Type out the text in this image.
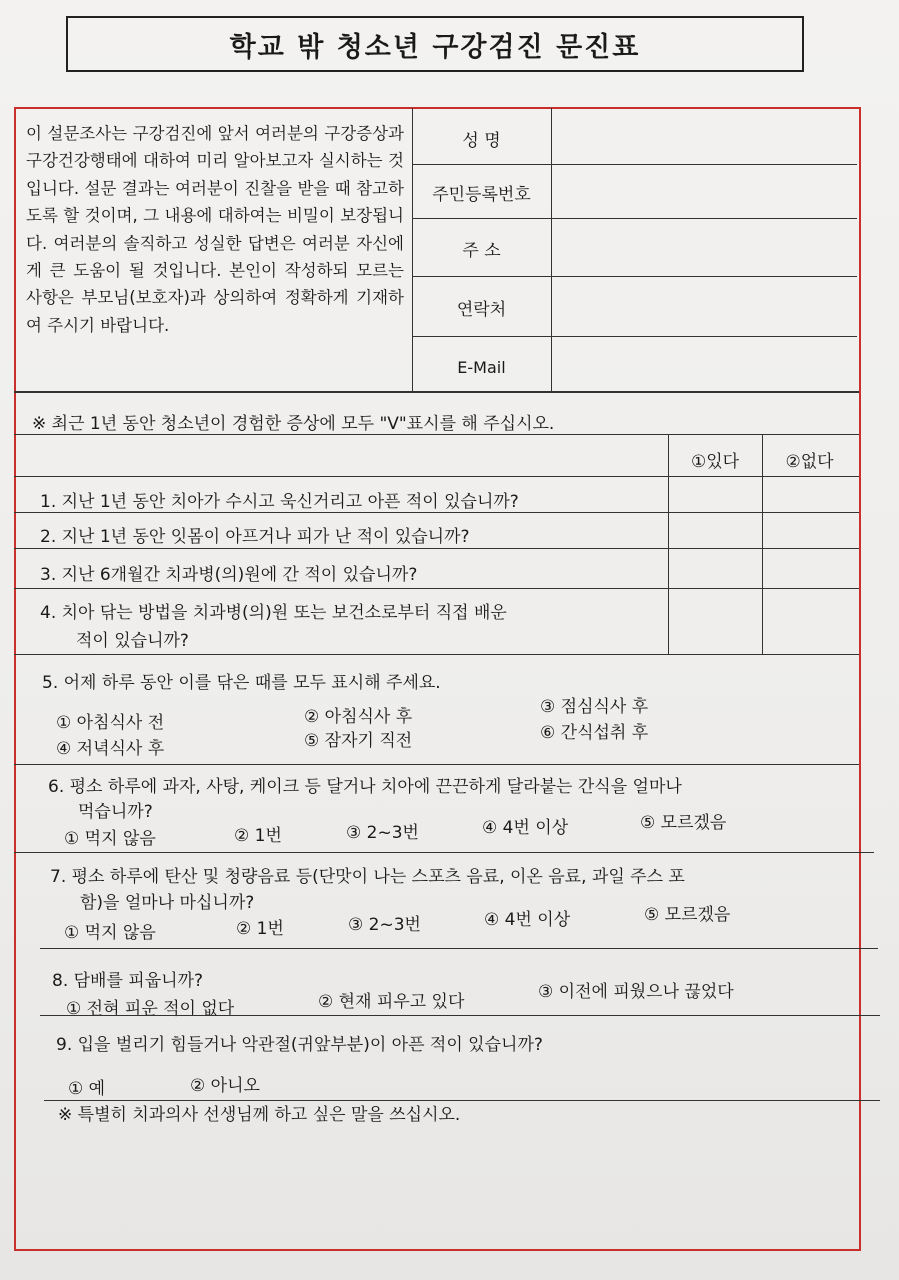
학교 밖 청소년 구강검진 문진표
이 설문조사는 구강검진에 앞서 여러분의 구강증상과 구강건강행태에 대하여 미리 알아보고자 실시하는 것입니다. 설문 결과는 여러분이 진찰을 받을 때 참고하도록 할 것이며, 그 내용에 대하여는 비밀이 보장됩니다. 여러분의 솔직하고 성실한 답변은 여러분 자신에게 큰 도움이 될 것입니다. 본인이 작성하되 모르는 사항은 부모님(보호자)과 상의하여 정확하게 기재하여 주시기 바랍니다.
성 명
주민등록번호
주 소
연락처
E-Mail
※ 최근 1년 동안 청소년이 경험한 증상에 모두 "V"표시를 해 주십시오.
①있다	②없다
1. 지난 1년 동안 치아가 수시고 욱신거리고 아픈 적이 있습니까?
2. 지난 1년 동안 잇몸이 아프거나 피가 난 적이 있습니까?
3. 지난 6개월간 치과병(의)원에 간 적이 있습니까?
4. 치아 닦는 방법을 치과병(의)원 또는 보건소로부터 직접 배운
적이 있습니까?
5. 어제 하루 동안 이를 닦은 때를 모두 표시해 주세요.
① 아침식사 전	② 아침식사 후	③ 점심식사 후
④ 저녁식사 후	⑤ 잠자기 직전	⑥ 간식섭취 후
6. 평소 하루에 과자, 사탕, 케이크 등 달거나 치아에 끈끈하게 달라붙는 간식을 얼마나
먹습니까?
① 먹지 않음	② 1번	③ 2~3번	④ 4번 이상	⑤ 모르겠음
7. 평소 하루에 탄산 및 청량음료 등(단맛이 나는 스포츠 음료, 이온 음료, 과일 주스 포
함)을 얼마나 마십니까?
① 먹지 않음	② 1번	③ 2~3번	④ 4번 이상	⑤ 모르겠음
8. 담배를 피웁니까?
① 전혀 피운 적이 없다	② 현재 피우고 있다	③ 이전에 피웠으나 끊었다
9. 입을 벌리기 힘들거나 악관절(귀앞부분)이 아픈 적이 있습니까?
① 예	② 아니오
※ 특별히 치과의사 선생님께 하고 싶은 말을 쓰십시오.
